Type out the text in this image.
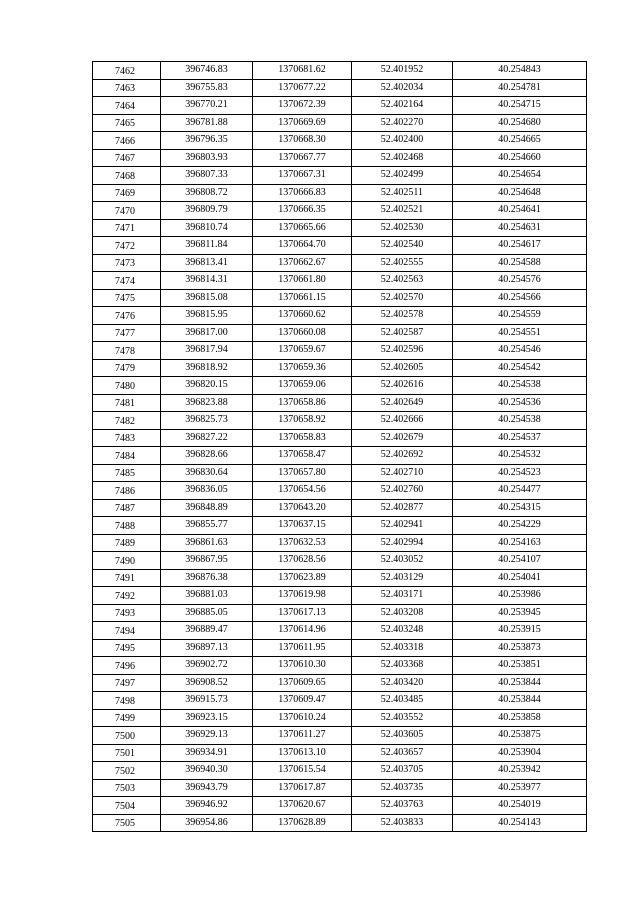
7462	396746.83	1370681.62	52.401952	40.254843
7463	396755.83	1370677.22	52.402034	40.254781
7464	396770.21	1370672.39	52.402164	40.254715
7465	396781.88	1370669.69	52.402270	40.254680
7466	396796.35	1370668.30	52.402400	40.254665
7467	396803.93	1370667.77	52.402468	40.254660
7468	396807.33	1370667.31	52.402499	40.254654
7469	396808.72	1370666.83	52.402511	40.254648
7470	396809.79	1370666.35	52.402521	40.254641
7471	396810.74	1370665.66	52.402530	40.254631
7472	396811.84	1370664.70	52.402540	40.254617
7473	396813.41	1370662.67	52.402555	40.254588
7474	396814.31	1370661.80	52.402563	40.254576
7475	396815.08	1370661.15	52.402570	40.254566
7476	396815.95	1370660.62	52.402578	40.254559
7477	396817.00	1370660.08	52.402587	40.254551
7478	396817.94	1370659.67	52.402596	40.254546
7479	396818.92	1370659.36	52.402605	40.254542
7480	396820.15	1370659.06	52.402616	40.254538
7481	396823.88	1370658.86	52.402649	40.254536
7482	396825.73	1370658.92	52.402666	40.254538
7483	396827.22	1370658.83	52.402679	40.254537
7484	396828.66	1370658.47	52.402692	40.254532
7485	396830.64	1370657.80	52.402710	40.254523
7486	396836.05	1370654.56	52.402760	40.254477
7487	396848.89	1370643.20	52.402877	40.254315
7488	396855.77	1370637.15	52.402941	40.254229
7489	396861.63	1370632.53	52.402994	40.254163
7490	396867.95	1370628.56	52.403052	40.254107
7491	396876.38	1370623.89	52.403129	40.254041
7492	396881.03	1370619.98	52.403171	40.253986
7493	396885.05	1370617.13	52.403208	40.253945
7494	396889.47	1370614.96	52.403248	40.253915
7495	396897.13	1370611.95	52.403318	40.253873
7496	396902.72	1370610.30	52.403368	40.253851
7497	396908.52	1370609.65	52.403420	40.253844
7498	396915.73	1370609.47	52.403485	40.253844
7499	396923.15	1370610.24	52.403552	40.253858
7500	396929.13	1370611.27	52.403605	40.253875
7501	396934.91	1370613.10	52.403657	40.253904
7502	396940.30	1370615.54	52.403705	40.253942
7503	396943.79	1370617.87	52.403735	40.253977
7504	396946.92	1370620.67	52.403763	40.254019
7505	396954.86	1370628.89	52.403833	40.254143
